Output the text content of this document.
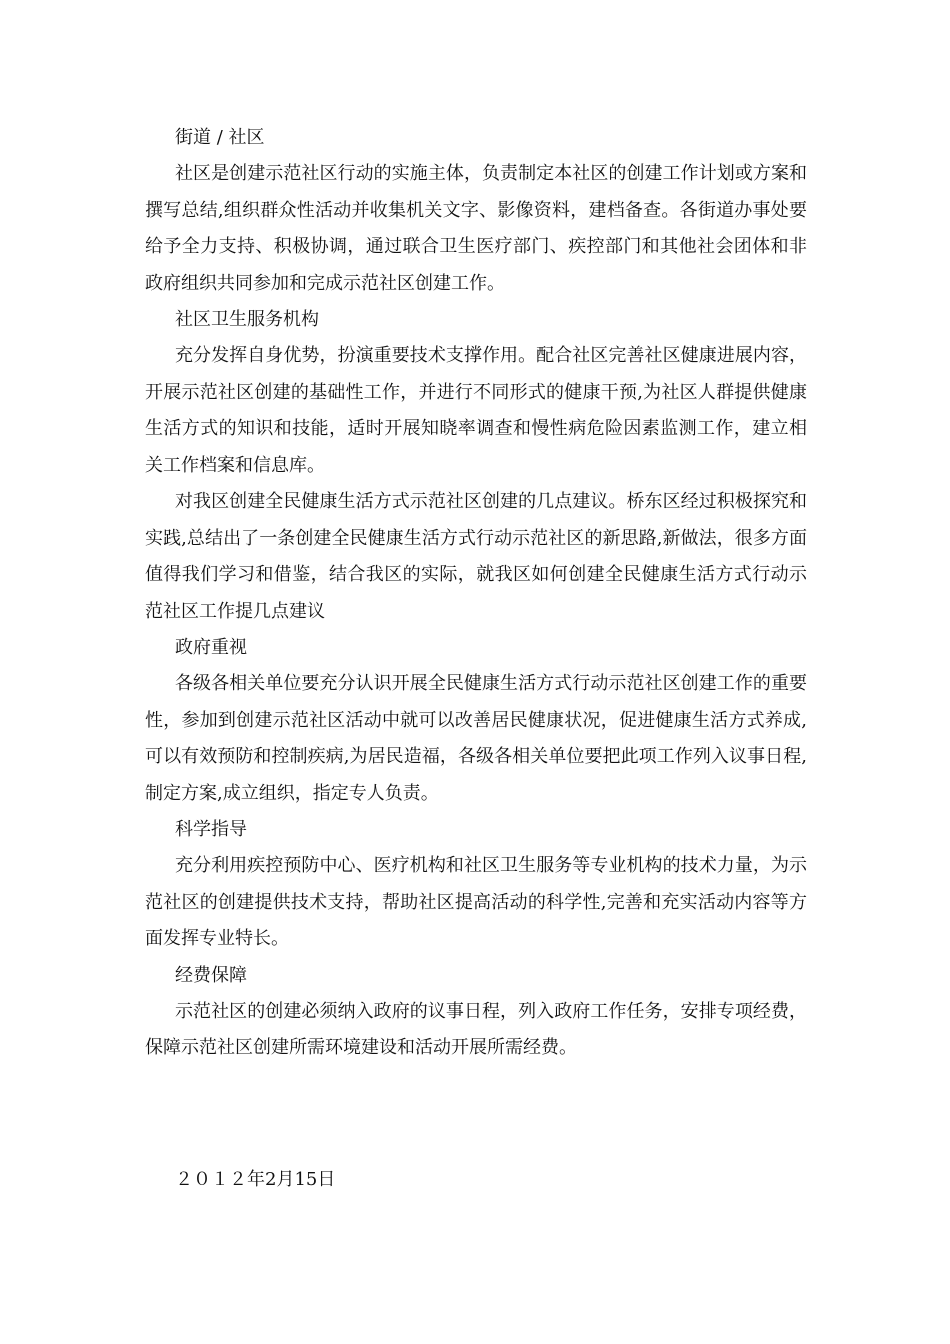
街道 / 社区

社区是创建示范社区行动的实施主体，负责制定本社区的创建工作计划或方案和撰写总结,组织群众性活动并收集机关文字、影像资料，建档备查。各街道办事处要给予全力支持、积极协调，通过联合卫生医疗部门、疾控部门和其他社会团体和非政府组织共同参加和完成示范社区创建工作。

社区卫生服务机构

充分发挥自身优势，扮演重要技术支撑作用。配合社区完善社区健康进展内容，开展示范社区创建的基础性工作，并进行不同形式的健康干预,为社区人群提供健康生活方式的知识和技能，适时开展知晓率调查和慢性病危险因素监测工作，建立相关工作档案和信息库。

对我区创建全民健康生活方式示范社区创建的几点建议。桥东区经过积极探究和实践,总结出了一条创建全民健康生活方式行动示范社区的新思路,新做法，很多方面值得我们学习和借鉴，结合我区的实际，就我区如何创建全民健康生活方式行动示范社区工作提几点建议

政府重视

各级各相关单位要充分认识开展全民健康生活方式行动示范社区创建工作的重要性，参加到创建示范社区活动中就可以改善居民健康状况，促进健康生活方式养成,可以有效预防和控制疾病,为居民造福，各级各相关单位要把此项工作列入议事日程,制定方案,成立组织，指定专人负责。

科学指导

充分利用疾控预防中心、医疗机构和社区卫生服务等专业机构的技术力量，为示范社区的创建提供技术支持，帮助社区提高活动的科学性,完善和充实活动内容等方面发挥专业特长。

经费保障

示范社区的创建必须纳入政府的议事日程，列入政府工作任务，安排专项经费，保障示范社区创建所需环境建设和活动开展所需经费。

２０１２年2月15日
